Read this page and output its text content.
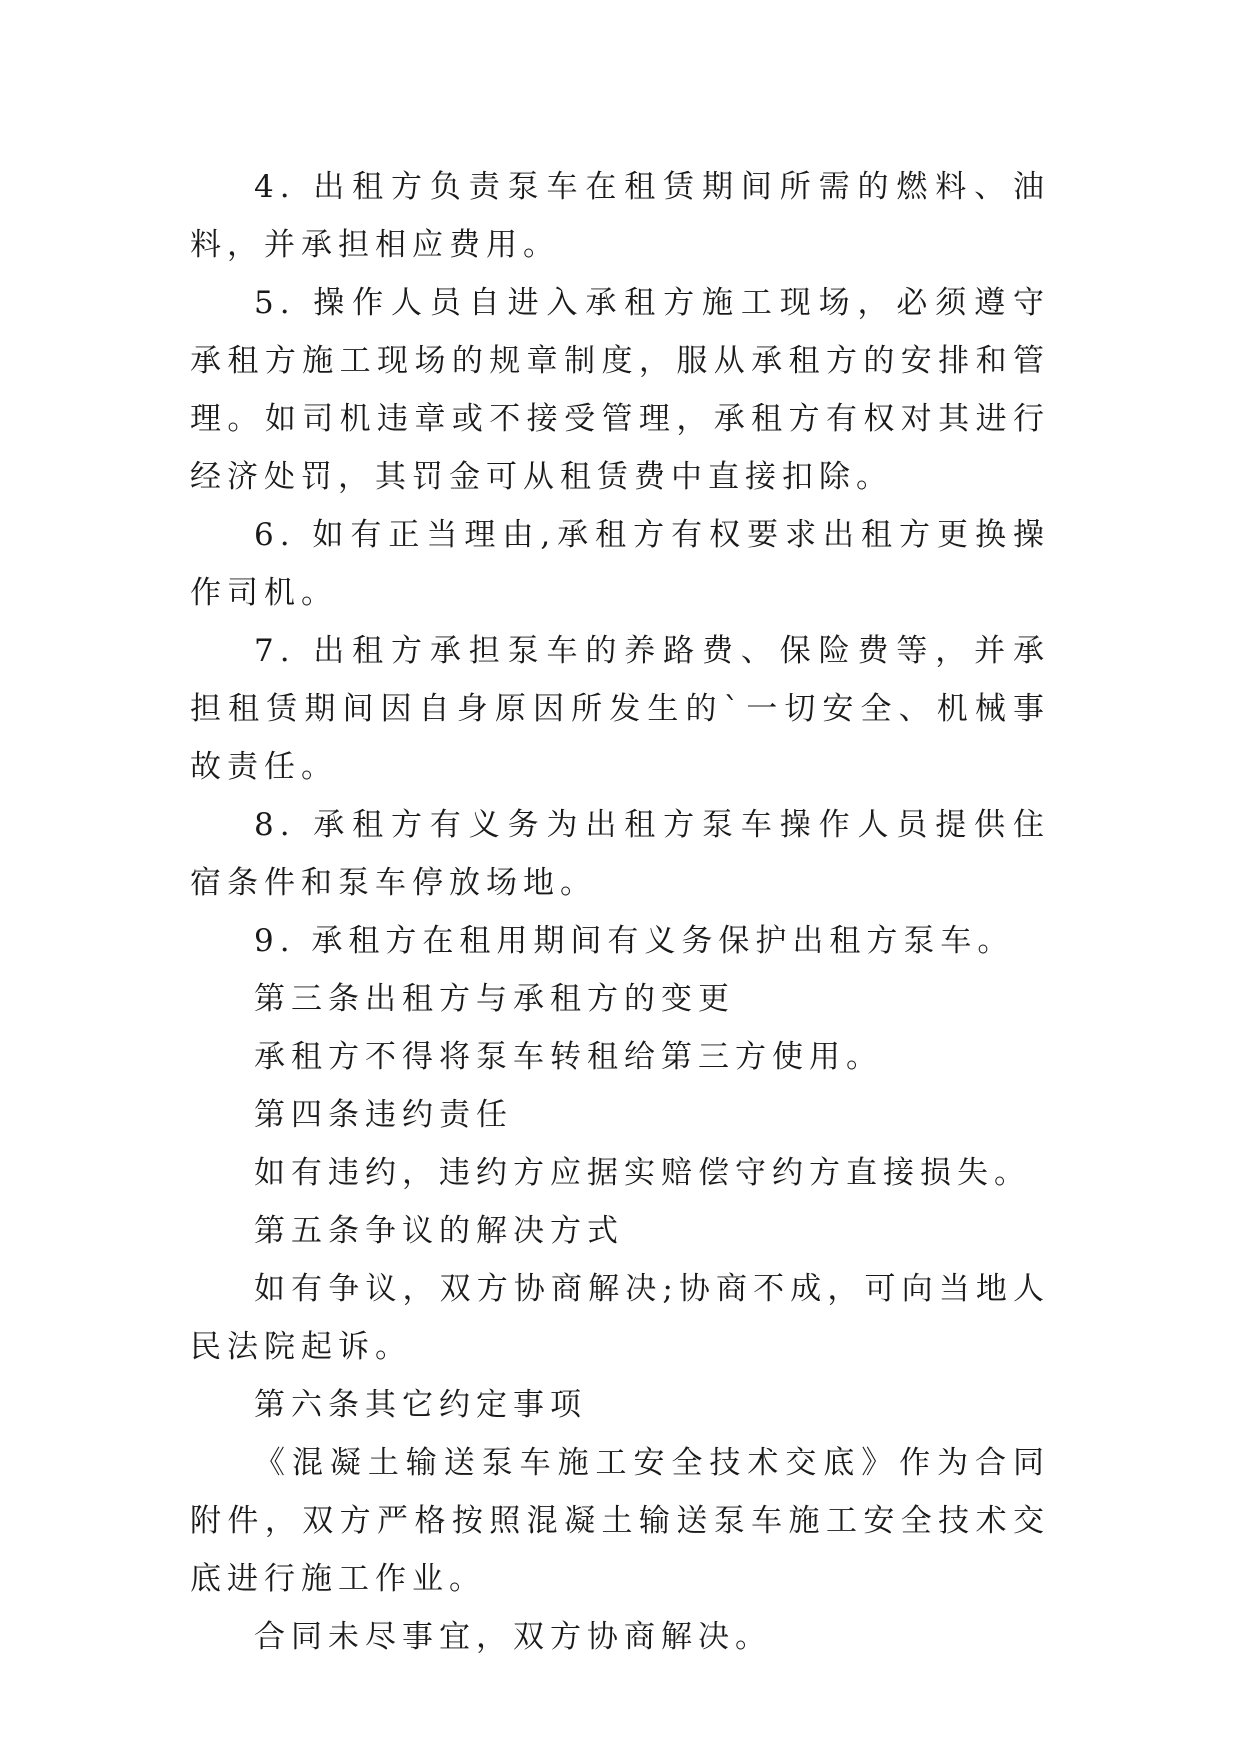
4. 出租方负责泵车在租赁期间所需的燃料、油料，并承担相应费用。

5. 操作人员自进入承租方施工现场，必须遵守承租方施工现场的规章制度，服从承租方的安排和管理。如司机违章或不接受管理，承租方有权对其进行经济处罚，其罚金可从租赁费中直接扣除。

6. 如有正当理由,承租方有权要求出租方更换操作司机。

7. 出租方承担泵车的养路费、保险费等，并承担租赁期间因自身原因所发生的`一切安全、机械事故责任。

8. 承租方有义务为出租方泵车操作人员提供住宿条件和泵车停放场地。

9. 承租方在租用期间有义务保护出租方泵车。

第三条出租方与承租方的变更

承租方不得将泵车转租给第三方使用。

第四条违约责任

如有违约，违约方应据实赔偿守约方直接损失。

第五条争议的解决方式

如有争议，双方协商解决;协商不成，可向当地人民法院起诉。

第六条其它约定事项

《混凝土输送泵车施工安全技术交底》作为合同附件，双方严格按照混凝土输送泵车施工安全技术交底进行施工作业。

合同未尽事宜，双方协商解决。
